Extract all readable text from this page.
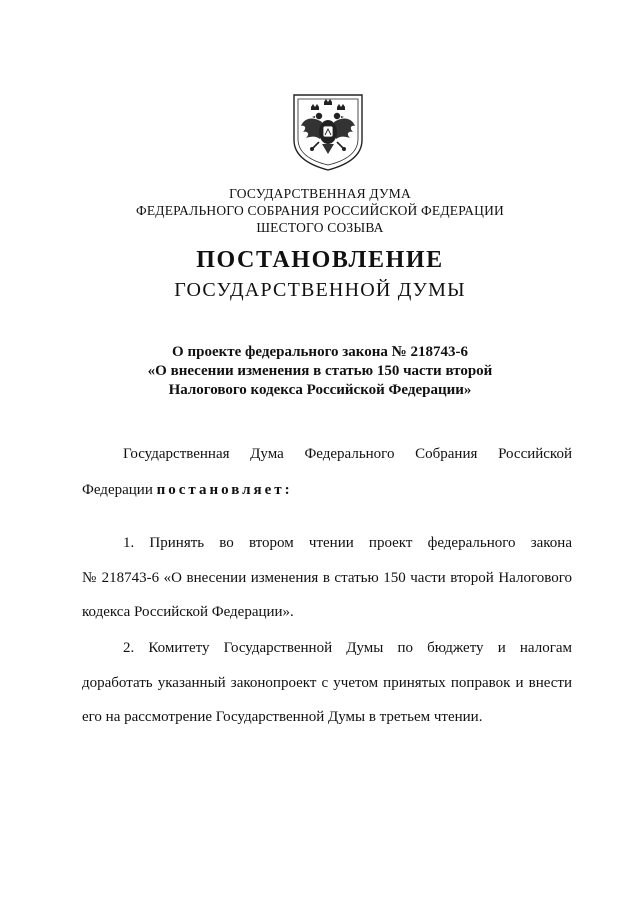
ГОСУДАРСТВЕННАЯ ДУМА
ФЕДЕРАЛЬНОГО СОБРАНИЯ РОССИЙСКОЙ ФЕДЕРАЦИИ
ШЕСТОГО СОЗЫВА
ПОСТАНОВЛЕНИЕ
ГОСУДАРСТВЕННОЙ ДУМЫ
О проекте федерального закона № 218743-6
«О внесении изменения в статью 150 части второй
Налогового кодекса Российской Федерации»
Государственная Дума Федерального Собрания Российской
Федерации постановляет:
1. Принять во втором чтении проект федерального закона
№ 218743-6 «О внесении изменения в статью 150 части второй Налогового
кодекса Российской Федерации».
2. Комитету Государственной Думы по бюджету и налогам
доработать указанный законопроект с учетом принятых поправок и внести
его на рассмотрение Государственной Думы в третьем чтении.
